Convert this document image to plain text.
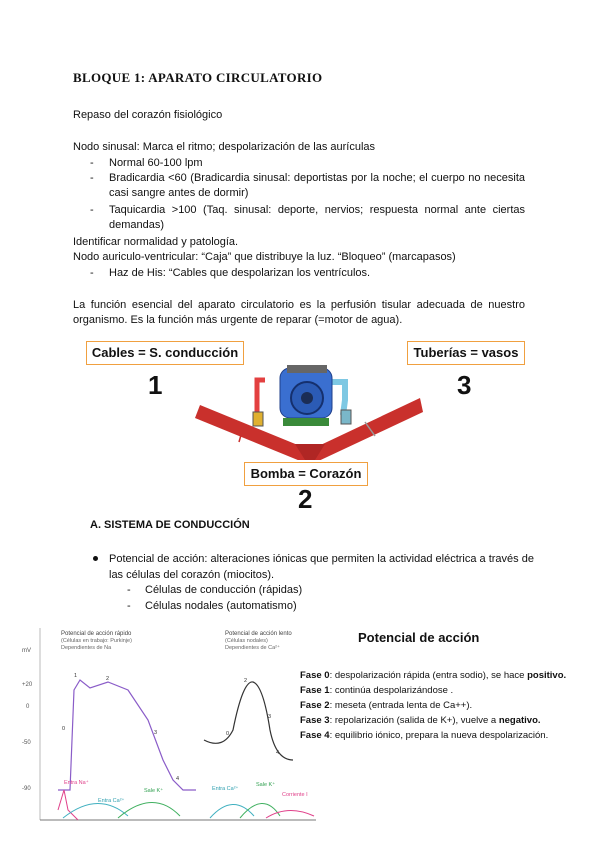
BLOQUE 1: APARATO CIRCULATORIO
Repaso del corazón fisiológico
Nodo sinusal: Marca el ritmo; despolarización de las aurículas
- Normal 60-100 lpm
- Bradicardia <60 (Bradicardia sinusal: deportistas por la noche; el cuerpo no necesita casi sangre antes de dormir)
- Taquicardia >100 (Taq. sinusal: deporte, nervios; respuesta normal ante ciertas demandas)
Identificar normalidad y patología.
Nodo auriculo-ventricular: “Caja” que distribuye la luz. “Bloqueo” (marcapasos)
- Haz de His: “Cables que despolarizan los ventrículos.
La función esencial del aparato circulatorio es la perfusión tisular adecuada de nuestro organismo. Es la función más urgente de reparar (=motor de agua).
Cables = S. conducción	Tuberías = vasos
Bomba = Corazón
1	3
2
A. SISTEMA DE CONDUCCIÓN
Potencial de acción: alteraciones iónicas que permiten la actividad eléctrica a través de las células del corazón (miocitos).
- Células de conducción (rápidas)
- Células nodales (automatismo)
mV
+20
0
-50
-90
Potencial de acción rápido
(Células en trabajo: Purkinje)
Dependientes de Na
0
1	2
3
4
Entra Na⁺
Entra Ca²⁺
Sale K⁺
Potencial de acción lento
(Células nodales)
Dependientes de Ca²⁺
0
2
3
4
Entra Ca²⁺
Sale K⁺
Corriente I
Potencial de acción
Fase 0: despolarización rápida (entra sodio), se hace positivo.
Fase 1: continúa despolarizándose .
Fase 2: meseta (entrada lenta de Ca++).
Fase 3: repolarización (salida de K+), vuelve a negativo.
Fase 4: equilibrio iónico, prepara la nueva despolarización.
